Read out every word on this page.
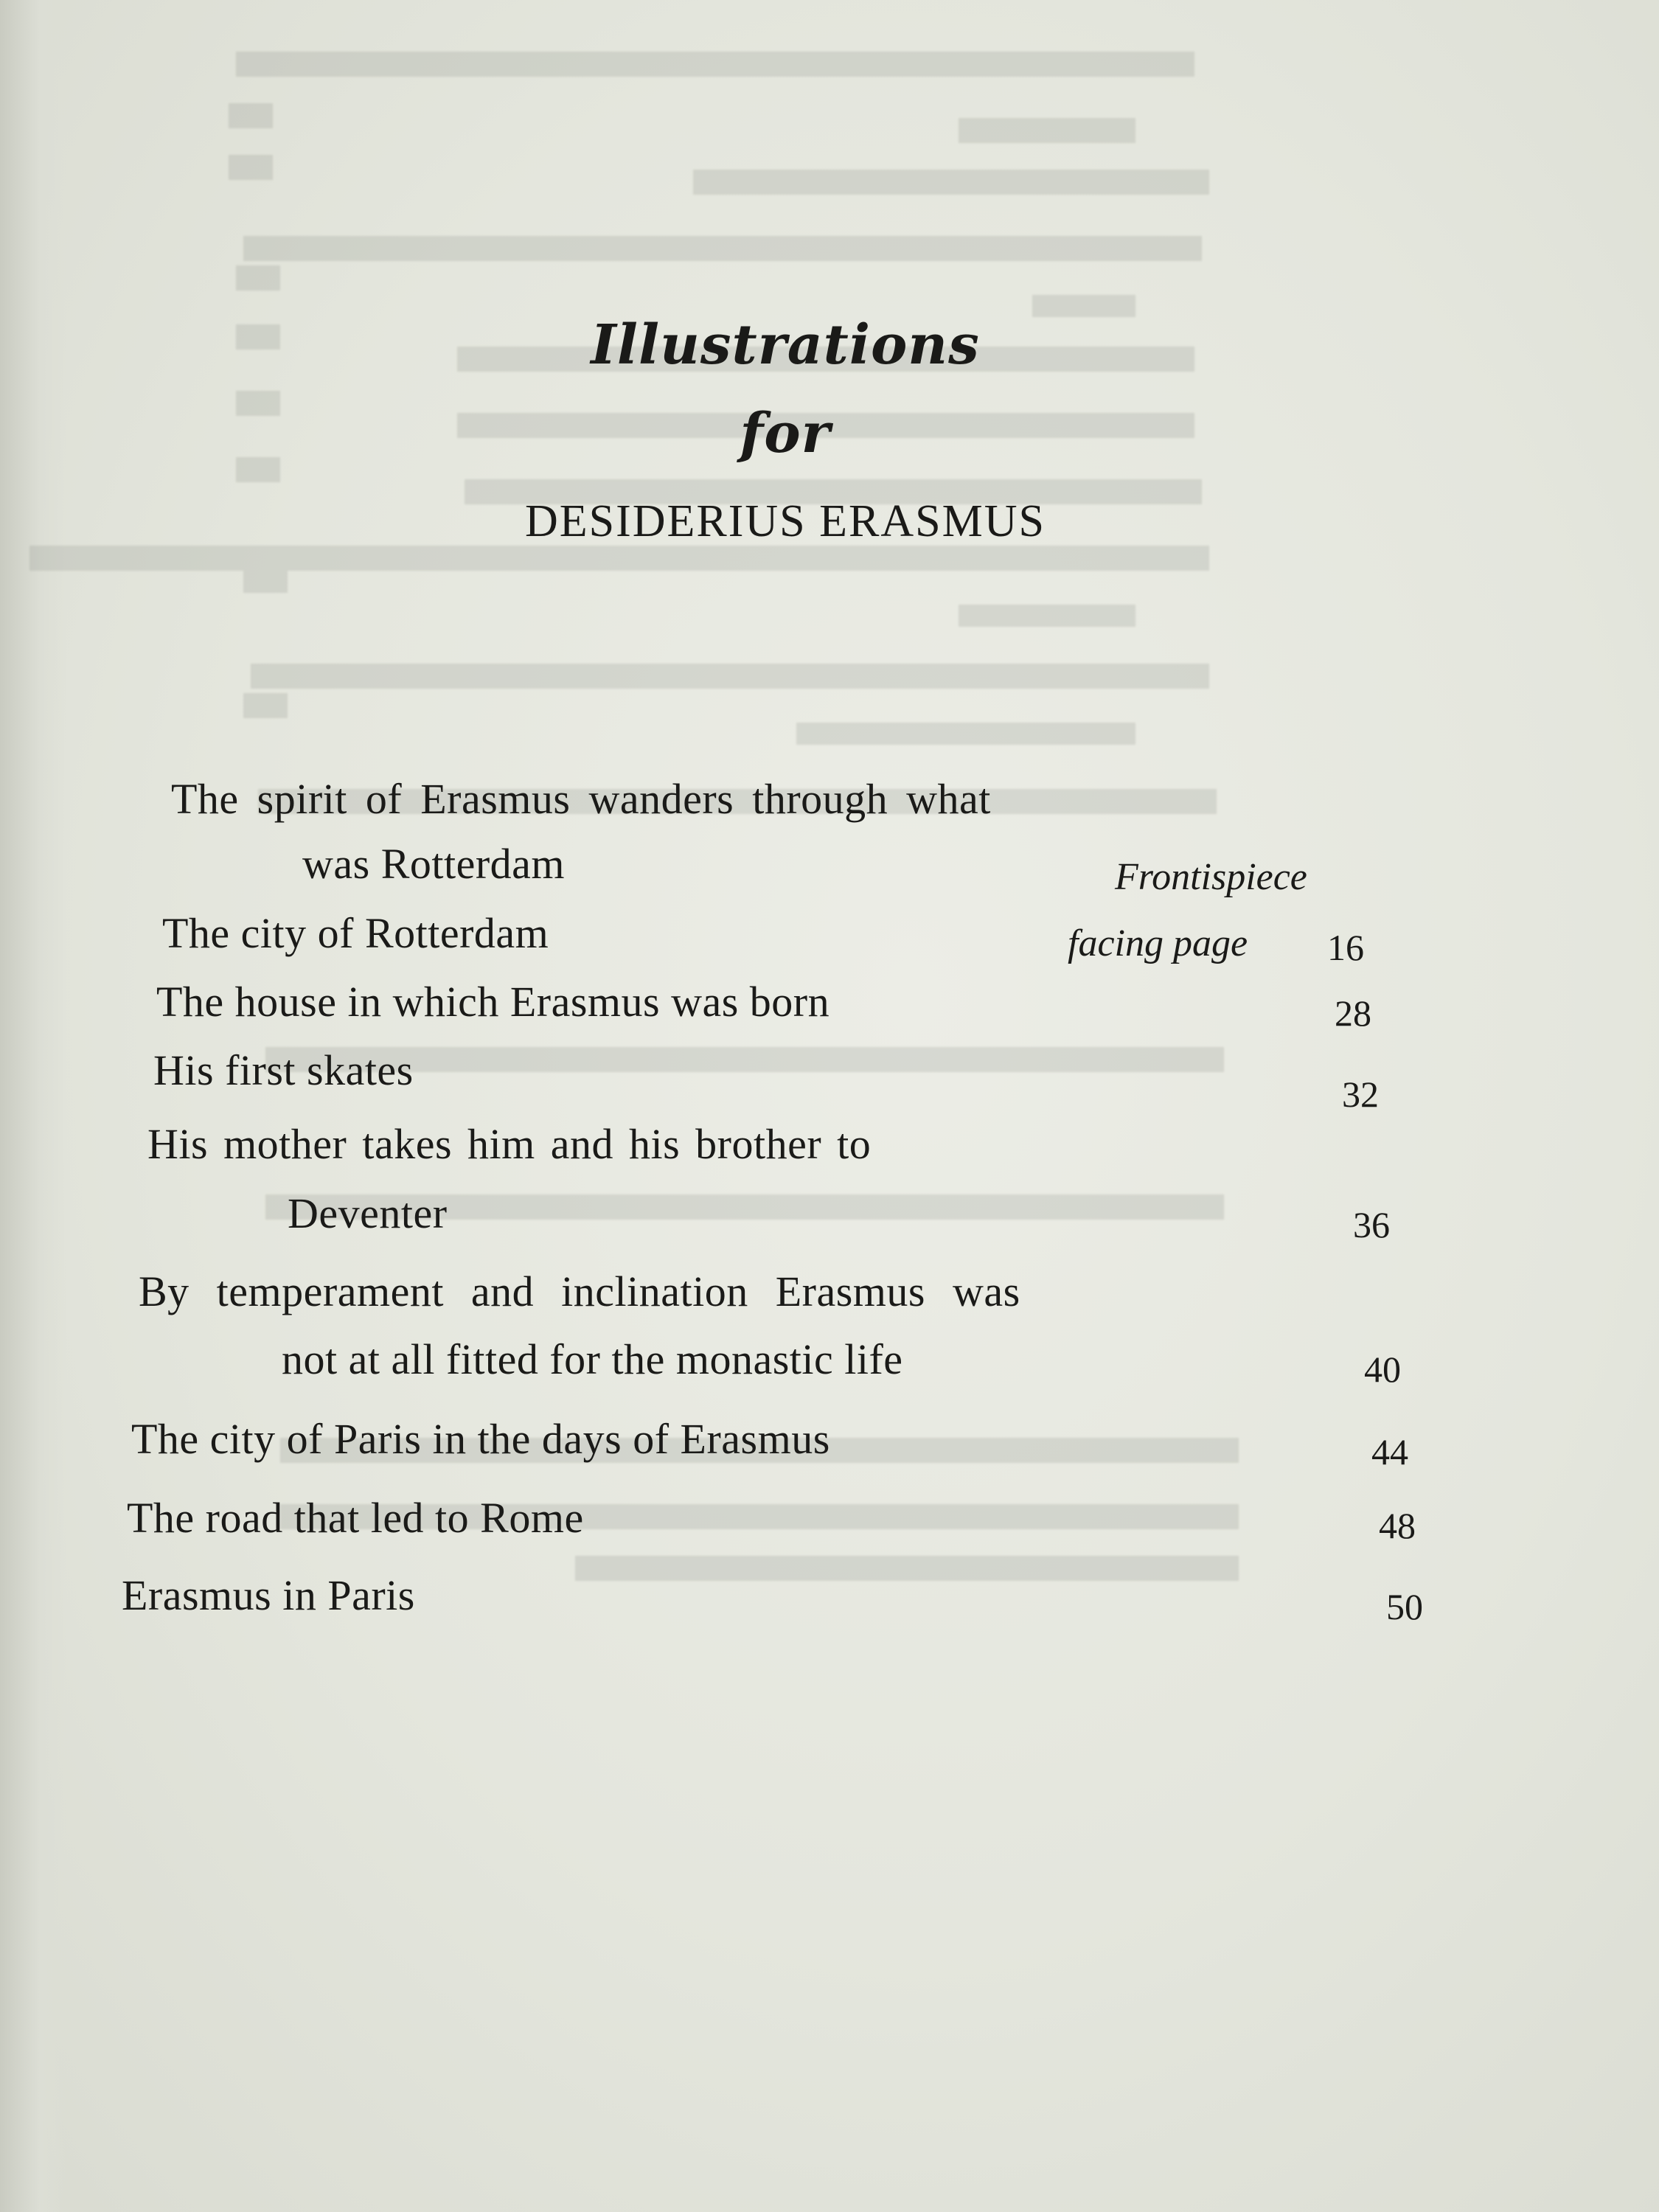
Illustrations
for
DESIDERIUS ERASMUS
The spirit of Erasmus wanders through what
was Rotterdam	Frontispiece
The city of Rotterdam	facing page 16
The house in which Erasmus was born	28
His first skates	32
His mother takes him and his brother to
Deventer	36
By temperament and inclination Erasmus was
not at all fitted for the monastic life	40
The city of Paris in the days of Erasmus	44
The road that led to Rome	48
Erasmus in Paris	50
